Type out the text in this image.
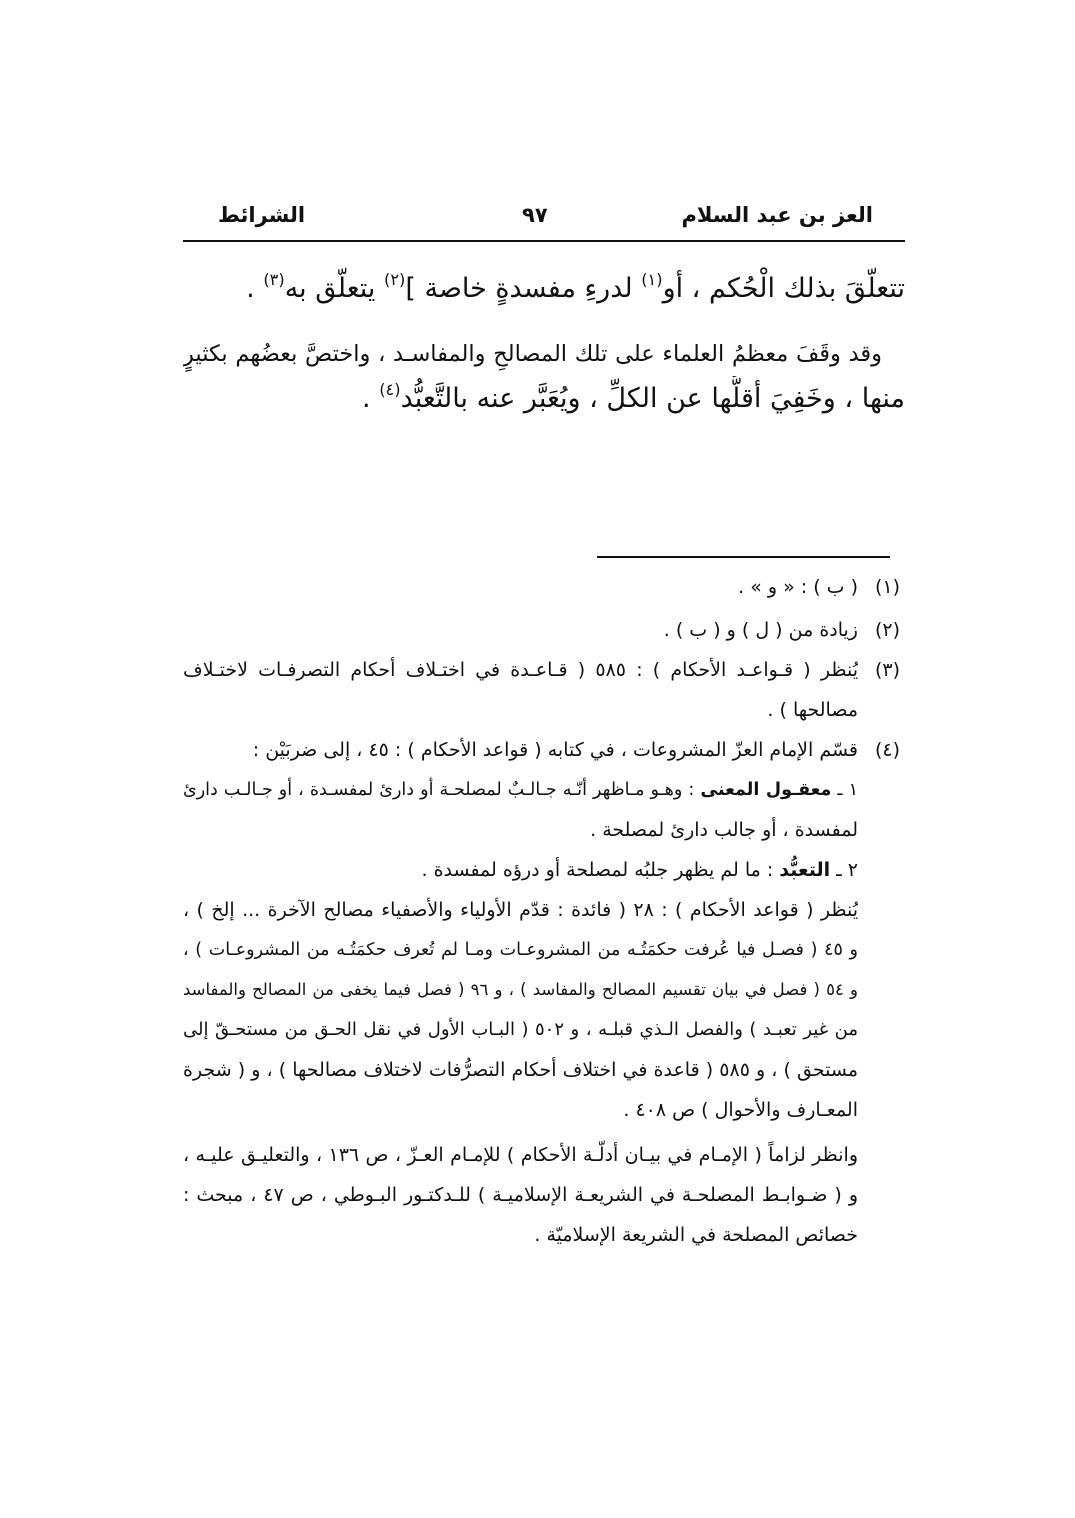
العز بن عبد السلام
٩٧
الشرائط
تتعلّقَ بذلك الْحُكم ، أو$^{(١)}$ لدرءِ مفسدةٍ خاصة ]$^{(٢)}$ يتعلّق به$^{(٣)}$ .
وقد وقَفَ معظمُ العلماء على تلك المصالحِ والمفاسـد ، واختصَّ بعضُهم بكثيرٍ
منها ، وخَفِيَ أقلُّها عن الكلِّ ، ويُعَبَّر عنه بالتَّعبُّد$^{(٤)}$ .
(١)
( ب ) : « و » .
(٢)
زيادة من ( ل ) و ( ب ) .
(٣)
يُنظر ( قـواعـد الأحكام ) : ٥٨٥ ( قـاعـدة في اختـلاف أحكام التصرفـات لاختـلاف
مصالحها ) .
(٤)
قسّم الإمام العزّ المشروعات ، في كتابه ( قواعد الأحكام ) : ٤٥ ، إلى ضربَيْن :
١ ـ معقـول المعنى : وهـو مـاظهر أنّـه جـالـبٌ لمصلحـة أو دارئ لمفسـدة ، أو جـالـب دارئ
لمفسدة ، أو جالب دارئ لمصلحة .
٢ ـ التعبُّد : ما لم يظهر جلبُه لمصلحة أو درؤه لمفسدة .
يُنظر ( قواعد الأحكام ) : ٢٨ ( فائدة : قدّم الأولياء والأصفياء مصالح الآخرة ... إلخ ) ،
و ٤٥ ( فصـل فيا عُرفت حكمَتُـه من المشروعـات ومـا لم تُعرف حكمَتُـه من المشروعـات ) ،
و ٥٤ ( فصل في بيان تقسيم المصالح والمفاسد ) ، و ٩٦ ( فصل فيما يخفى من المصالح والمفاسد
من غير تعبـد ) والفصل الـذي قبلـه ، و ٥٠٢ ( البـاب الأول في نقل الحـق من مستحـقّ إلى
مستحق ) ، و ٥٨٥ ( قاعدة في اختلاف أحكام التصرُّفات لاختلاف مصالحها ) ، و ( شجرة
المعـارف والأحوال ) ص ٤٠٨ .
وانظر لزاماً ( الإمـام في بيـان أدلّـة الأحكام ) للإمـام العـزّ ، ص ١٣٦ ، والتعليـق عليـه ،
و ( ضـوابـط المصلحـة في الشريعـة الإسلاميـة ) للـدكتـور البـوطي ، ص ٤٧ ، مبحث :
خصائص المصلحة في الشريعة الإسلاميّة .
